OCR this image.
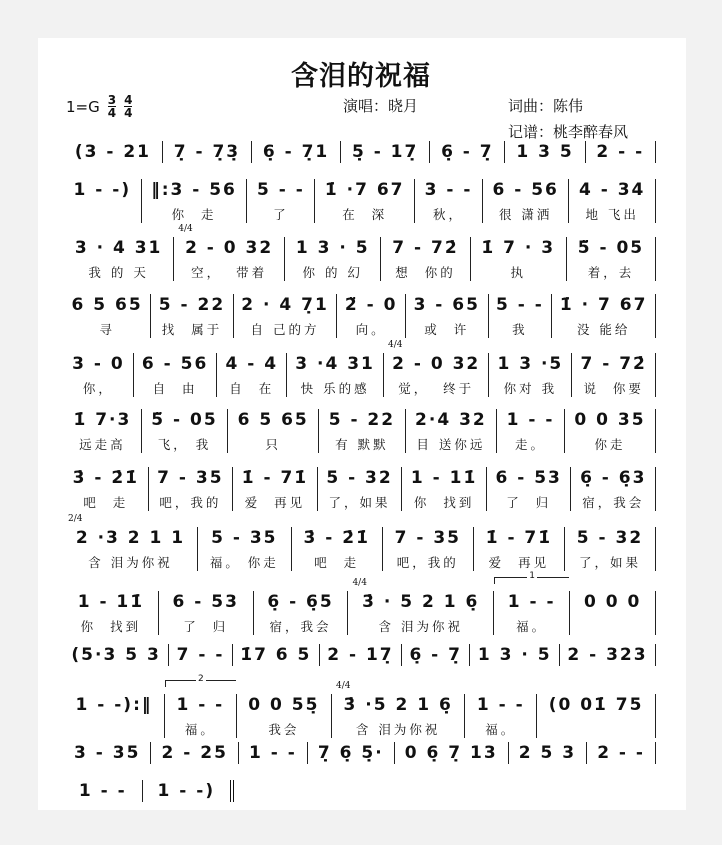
含泪的祝福
$1=G \frac{3}{4} \frac{4}{4}$	演唱：晓月	词曲：陈伟
记谱：桃李醉春风
(3 - 21 7̣ - 7̣3̣ 6̣ - 7̣1 5̣ - 17̣ 6̣ - 7̣ 1 3 5 2 - -
1 - -) ‖:3 - 56
你  走
5 - -
了
1̇ ·7 67
在  深
3 - -
秋，
6 - 56
很 潇洒
4 - 34
地 飞出
3 · 4 31
我 的 天
4/4
2 - 0 32
空，  带着
1 3 · 5
你 的 幻
7 - 72̇
想  你的
1̇ 7 · 3
执
5̈ - 05
着，去
6 5 65
寻
5 - 22
找  属于
2 · 4 7̣1
自 己的方
2̈ - 0
向。
3 - 65
或  许
5 - -
我
1̇ · 7 67
没 能给
3 - 0
你，
6 - 56
自  由
4 - 4
自  在
3 ·4 31
快 乐的感
4/4
2 - 0 32
觉，  终于
1 3 ·5
你对 我
7 - 72̇
说  你要
1̇ 7·3
远走高
5̈ - 05
飞， 我
6 5 65
只
5 - 22
有 默默
2·4 32
目 送你远
1 - -
走。
0 0 35
你走
3̇ - 2̇1̇
吧  走
7 - 35
吧，我的
1̇ - 71̇
爱  再见
5 - 32
了，如果
1 - 11̇
你  找到
6 - 53
了  归
6̣ - 6̣3
宿，我会
2/4
2 ·3 2 1 1
含 泪为你祝
5 - 35
福。 你走
3̇ - 2̇1̇
吧  走
7 - 35
吧，我的
1̇ - 71̇
爱  再见
5 - 32
了，如果
1 - 11̇
你  找到
6 - 53
了  归
6̣ - 6̣5
宿，我会
4/4
3̇ · 5 2 1 6̣
含 泪为你祝
1
1 - -
福。
0 0 0
(5·3 5 3 7 - - 1̇7 6 5 2 - 17̣ 6̣ - 7̣ 1 3 · 5 2 - 323
1 - -):‖
2
1 - -
福。
0 0 55̣
我会
4/4
3̇ ·5 2 1 6̣
含 泪为你祝
1 - -
福。
(0 01̇ 75
3 - 35 2 - 25 1 - - 7̣ 6̣ 5̣· 0 6̣ 7̣ 13 2 5 3 2 - -
1 - -	1 - -)
